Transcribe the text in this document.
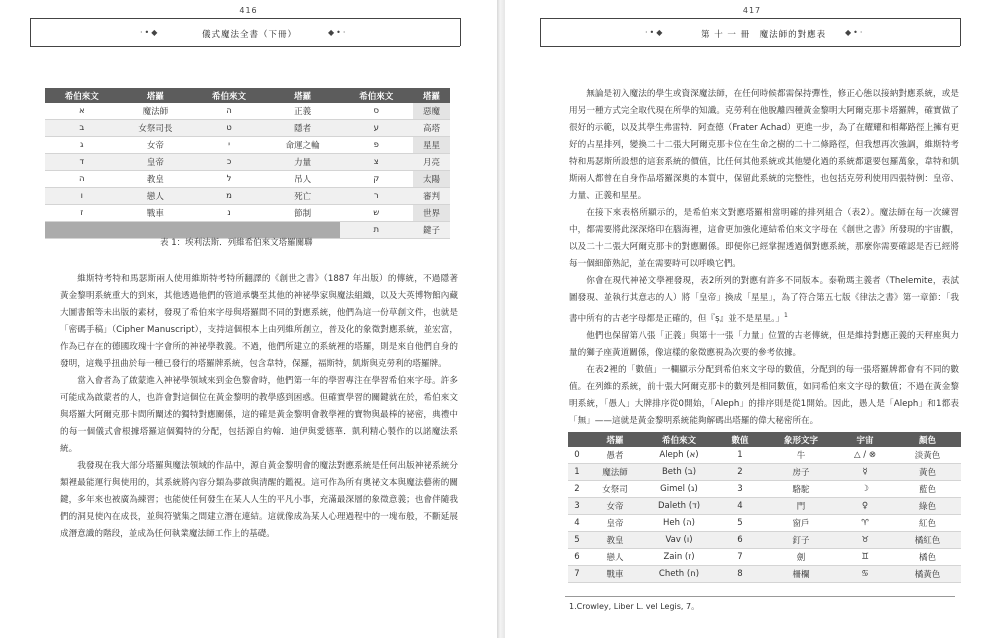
416
·•◆	儀式魔法全書（下冊）	◆•·
希伯來文	塔羅	希伯來文	塔羅	希伯來文	塔羅
א	魔法師	ה	正義	ס	惡魔
ב	女祭司長	ט	隱者	ע	高塔
ג	女帝	י	命運之輪	פ	星星
ד	皇帝	כ	力量	צ	月亮
ה	教皇	ל	吊人	ק	太陽
ו	戀人	מ	死亡	ר	審判
ז	戰車	נ	節制	ש	世界
				ת	鍵子
表 1：埃利法斯．列維希伯來文塔羅關聯

維斯特考特和馬瑟斯兩人使用維斯特考特所翻譯的《創世之書》（1887 年出版）的傳統，不過隱著黃金黎明系統重大的到來，其他透過他們的管道承襲至其他的神祕學家與魔法組織，以及大英博物館內藏大圖書館等未出版的素材，發現了希伯來字母與塔羅間不同的對應系統，他們為這一份草創文件，也就是「密碼手稿」（Cipher Manuscript），支持這個根本上由列維所創立，普及化的象徵對應系統，並宏富，作為已存在的德國玫瑰十字會所的神祕學教義。不過，他們所建立的系統裡的塔羅，則是來自他們自身的發明，這幾乎扭曲於每一種已發行的塔羅牌系統，包含韋特，保羅，福斯特，凱斯與克勞利的塔羅牌。

當入會者為了啟蒙進入神祕學領域來到金色黎會時，他們第一年的學習專注在學習希伯來字母。許多可能成為啟蒙者的人，也許會對這個位在黃金黎明的教學感到困惑。但確實學習的關鍵就在於，希伯來文與塔羅大阿爾克那卡間所闡述的獨特對應關係，這的確是黃金黎明會教學裡的寶物與最棒的祕密，典禮中的每一個儀式會根據塔羅這個獨特的分配，包括源自約翰．迪伊與愛德華．凱利精心製作的以諾魔法系統。

我發現在我大部分塔羅與魔法領域的作品中，源自黃金黎明會的魔法對應系統是任何出版神祕系統分類裡最能運行與使用的，其系統將內容分類為夢啟與清醒的鑑視。這可作為所有奧祕文本與魔法藝術的關鍵，多年來也被廣為練習；也能使任何發生在某人人生的平凡小事，充滿最深層的象徵意義；也會伴隨我們的洞見使內在成長，並與符號集之間建立潛在連結。這就像成為某人心理過程中的一塊布般，不斷延展成潛意識的階段，並成為任何執業魔法師工作上的基礎。

417
·•◆	第 十 一 冊　魔法師的對應表 ◆•·

無論是初入魔法的學生或資深魔法師，在任何時候都需保持彈性，修正心態以接納對應系統，或是用另一種方式完全取代現在所學的知識。克勞利在他脫離四種黃金黎明大阿爾克那卡塔羅牌，確實做了很好的示範，以及其學生弗雷特．阿查德（Frater Achad）更進一步，為了在耀耀和相鄰路徑上擁有更好的占星排列，變換二十二張大阿爾克那卡位在生命之樹的二十二條路徑，但我想再次強調，維斯特考特和馬瑟斯所設想的這套系統的價值，比任何其他系統或其他變化過的系統都還要包羅萬象，韋特和凱斯兩人都曾在自身作品塔羅深奧的本質中，保留此系統的完整性，也包括克勞利使用四張特例：皇帝、力量、正義和星星。

在接下來表格所顯示的，是希伯來文對應塔羅相當明確的排列組合（表2）。魔法師在每一次練習中，都需要將此深深烙印在腦海裡，這會更加強化連結希伯來文字母在《創世之書》所發現的宇宙觀，以及二十二張大阿爾克那卡的對應關係。即便你已經掌握透過個對應系統，那麼你需要確認是否已經將每一個細節熟記，並在需要時可以呼喚它們。

你會在現代神祕文學裡發現，表2所列的對應有許多不同版本。泰勒瑪主義者（Thelemite，表試圖發現、並執行其意志的人）將「皇帝」換成「星星」，為了符合第五七版《律法之書》第一章節：「我書中所有的古老字母都是正確的，但『ṣ』並不是星星。」$^1$

他們也保留第八張「正義」與第十一張「力量」位置的古老傳統，但是維持對應正義的天秤座與力量的獅子座黃道關係，像這樣的象徵應視為次要的參考依據。

在表2裡的「數值」一欄顯示分配到希伯來文字母的數值，分配到的每一張塔羅牌都會有不同的數值。在列維的系統，前十張大阿爾克那卡的數列是相同數值，如同希伯來文字母的數值；不過在黃金黎明系統，「愚人」大牌排序從0開始，「Aleph」的排序則是從1開始。因此，愚人是「Aleph」和1都表「無」——這就是黃金黎明系統能夠解碼出塔羅的偉大秘密所在。

	塔羅	希伯來文	數值	象形文字	宇宙	顏色
0	愚者	Aleph (א)	1	牛	△ / ⊗	淡黃色
1	魔法師	Beth (ב)	2	房子	☿	黃色
2	女祭司	Gimel (ג)	3	駱駝	☽	藍色
3	女帝	Daleth (ד)	4	門	♀	綠色
4	皇帝	Heh (ה)	5	窗戶	♈	紅色
5	教皇	Vav (ו)	6	釘子	♉	橘紅色
6	戀人	Zain (ז)	7	劍	♊	橘色
7	戰車	Cheth (ח)	8	柵欄	♋	橘黃色
1.Crowley, Liber L. vel Legis, 7。
